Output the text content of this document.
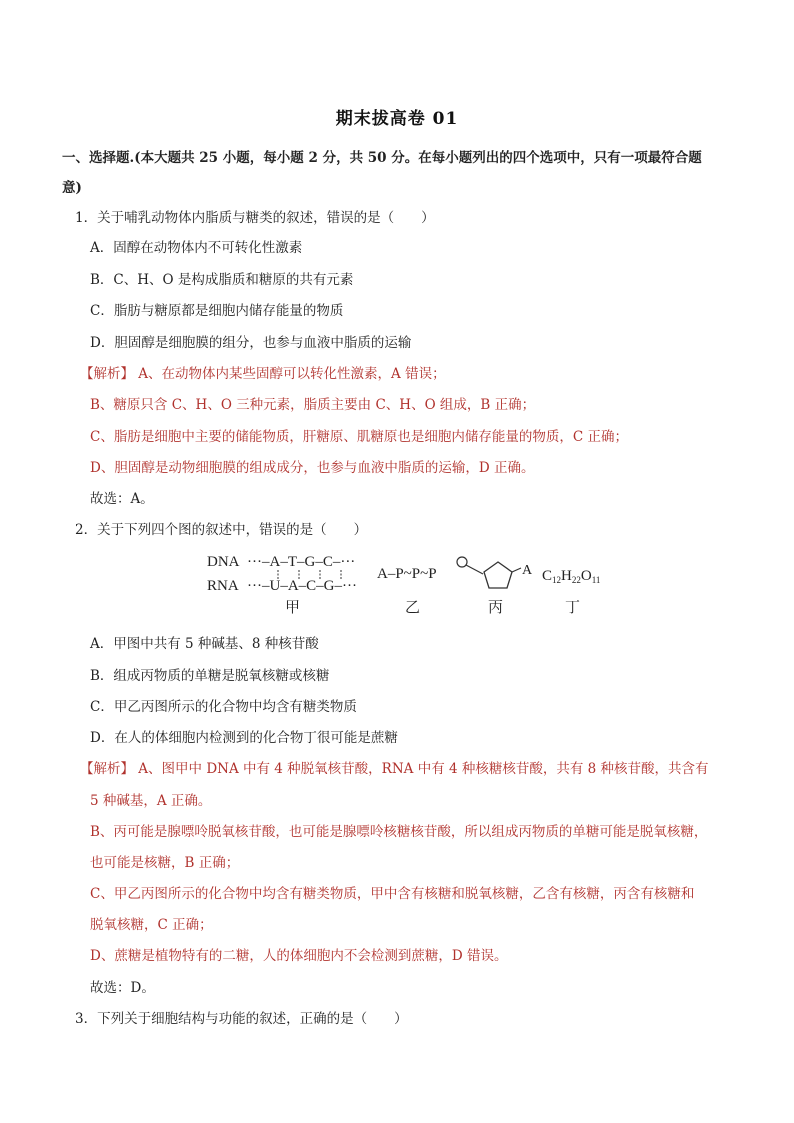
期末拔高卷 01
一、选择题.(本大题共 25 小题，每小题 2 分，共 50 分。在每小题列出的四个选项中，只有一项最符合题
意)
1．关于哺乳动物体内脂质与糖类的叙述，错误的是（　　）
A．固醇在动物体内不可转化性激素
B．C、H、O 是构成脂质和糖原的共有元素
C．脂肪与糖原都是细胞内储存能量的物质
D．胆固醇是细胞膜的组分，也参与血液中脂质的运输
【解析】 A、在动物体内某些固醇可以转化性激素，A 错误；
B、糖原只含 C、H、O 三种元素，脂质主要由 C、H、O 组成，B 正确；
C、脂肪是细胞中主要的储能物质，肝糖原、肌糖原也是细胞内储存能量的物质，C 正确；
D、胆固醇是动物细胞膜的组成成分，也参与血液中脂质的运输，D 正确。
故选：A。
2．关于下列四个图的叙述中，错误的是（　　）
DNA ···–A–T–G–C–···
RNA ···–U–A–C–G–···
甲
A–P~P~P
乙
A
丙
$C_{12}H_{22}O_{11}$
丁
A．甲图中共有 5 种碱基、8 种核苷酸
B．组成丙物质的单糖是脱氧核糖或核糖
C．甲乙丙图所示的化合物中均含有糖类物质
D．在人的体细胞内检测到的化合物丁很可能是蔗糖
【解析】 A、图甲中 DNA 中有 4 种脱氧核苷酸，RNA 中有 4 种核糖核苷酸，共有 8 种核苷酸，共含有
5 种碱基，A 正确。
B、丙可能是腺嘌呤脱氧核苷酸，也可能是腺嘌呤核糖核苷酸，所以组成丙物质的单糖可能是脱氧核糖，
也可能是核糖，B 正确；
C、甲乙丙图所示的化合物中均含有糖类物质，甲中含有核糖和脱氧核糖，乙含有核糖，丙含有核糖和
脱氧核糖，C 正确；
D、蔗糖是植物特有的二糖，人的体细胞内不会检测到蔗糖，D 错误。
故选：D。
3．下列关于细胞结构与功能的叙述，正确的是（　　）
